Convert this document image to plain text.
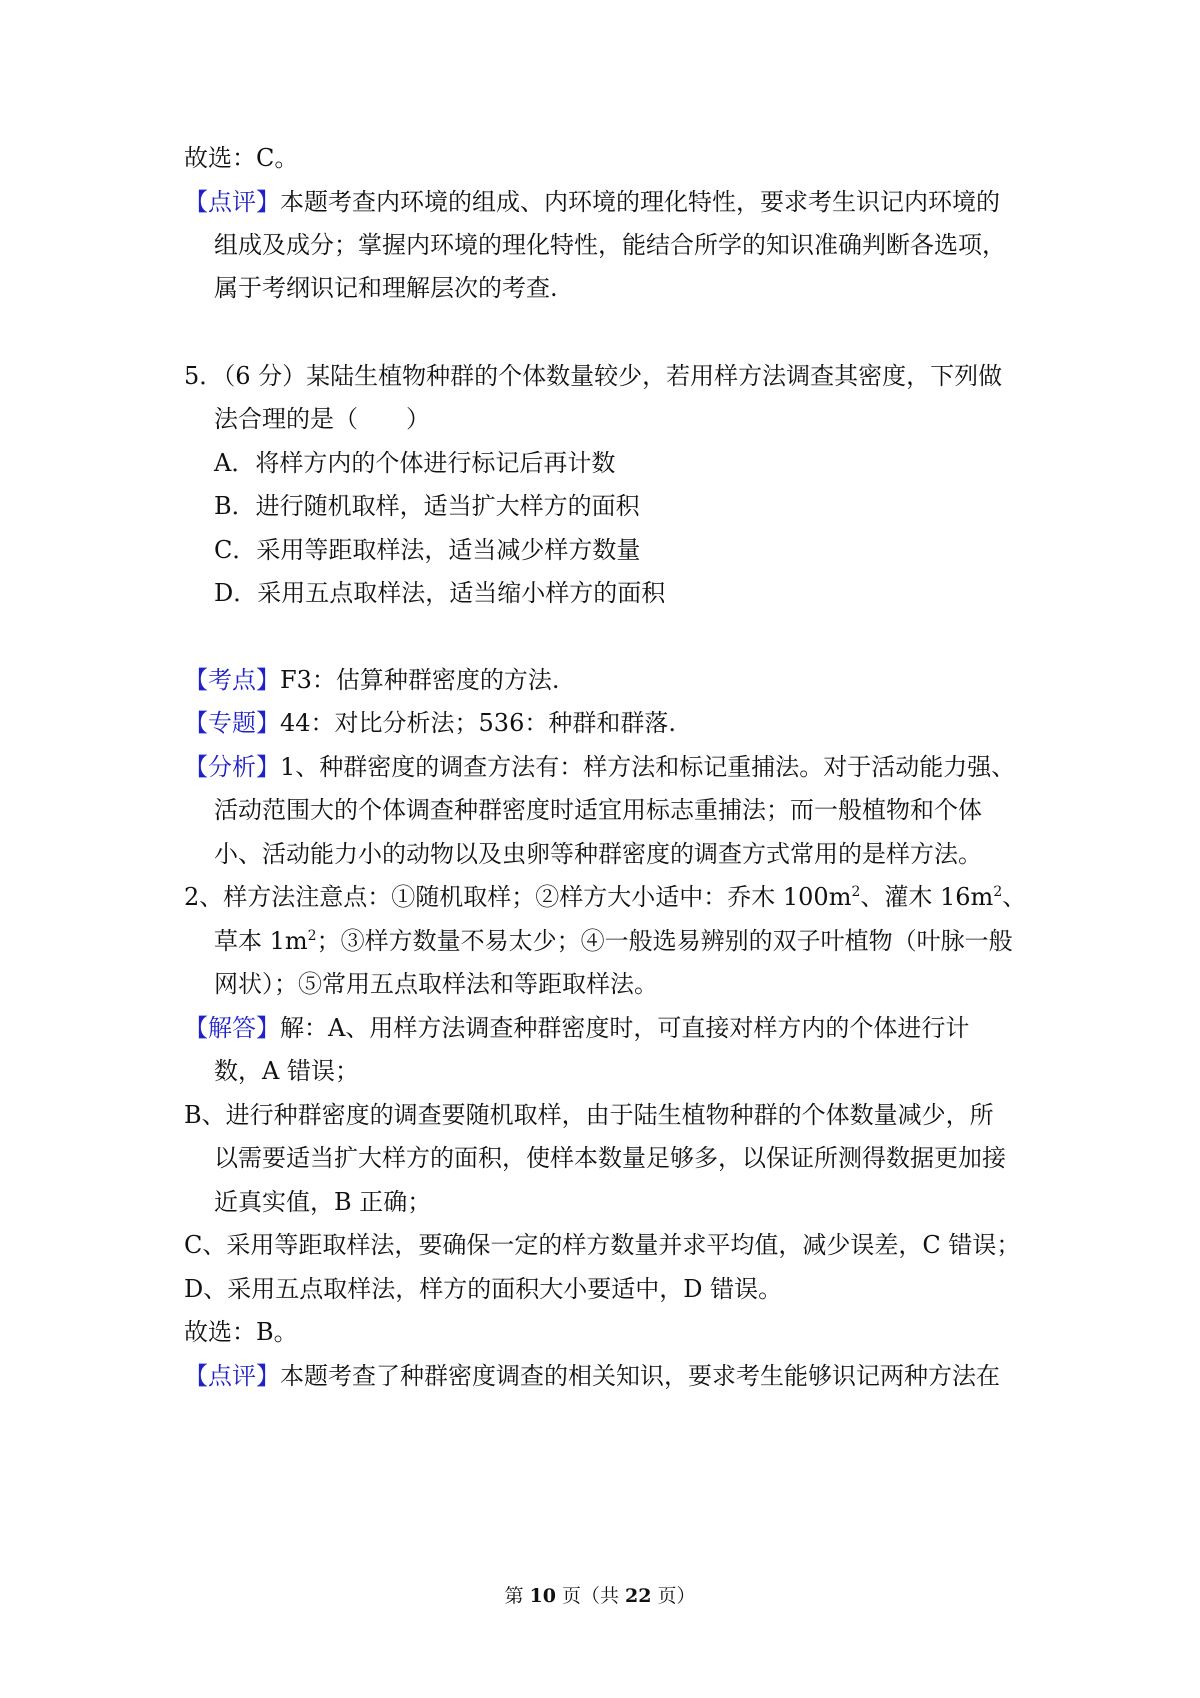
故选：C。
【点评】本题考查内环境的组成、内环境的理化特性，要求考生识记内环境的
组成及成分；掌握内环境的理化特性，能结合所学的知识准确判断各选项，
属于考纲识记和理解层次的考查.
5．（6 分）某陆生植物种群的个体数量较少，若用样方法调查其密度，下列做
法合理的是（　　）
A．将样方内的个体进行标记后再计数
B．进行随机取样，适当扩大样方的面积
C．采用等距取样法，适当减少样方数量
D．采用五点取样法，适当缩小样方的面积
【考点】F3：估算种群密度的方法.
【专题】44：对比分析法；536：种群和群落.
【分析】1、种群密度的调查方法有：样方法和标记重捕法。对于活动能力强、
活动范围大的个体调查种群密度时适宜用标志重捕法；而一般植物和个体
小、活动能力小的动物以及虫卵等种群密度的调查方式常用的是样方法。
2、样方法注意点：①随机取样；②样方大小适中：乔木 $100m^2$、灌木 $16m^2$、
草本 $1m^2$；③样方数量不易太少；④一般选易辨别的双子叶植物（叶脉一般
网状）；⑤常用五点取样法和等距取样法。
【解答】解：A、用样方法调查种群密度时，可直接对样方内的个体进行计
数，A 错误；
B、进行种群密度的调查要随机取样，由于陆生植物种群的个体数量减少，所
以需要适当扩大样方的面积，使样本数量足够多，以保证所测得数据更加接
近真实值，B 正确；
C、采用等距取样法，要确保一定的样方数量并求平均值，减少误差，C 错误；
D、采用五点取样法，样方的面积大小要适中，D 错误。
故选：B。
【点评】本题考查了种群密度调查的相关知识，要求考生能够识记两种方法在
第 10 页（共 22 页）
